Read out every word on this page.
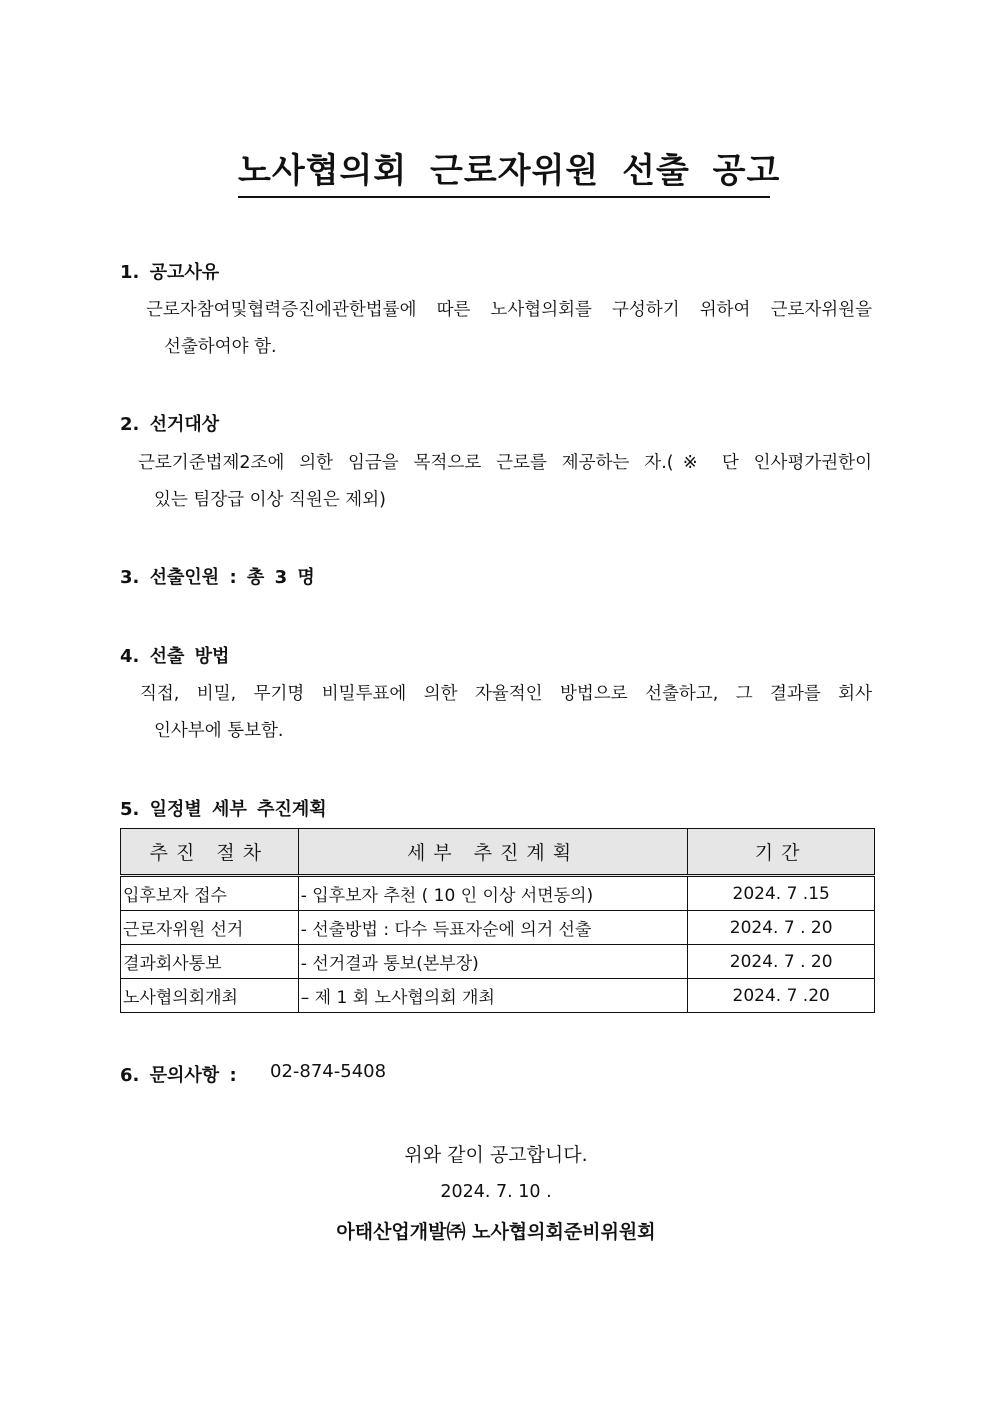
노사협의회 근로자위원 선출 공고
1. 공고사유
근로자참여및협력증진에관한법률에 따른 노사협의회를 구성하기 위하여 근로자위원을
선출하여야 함.
2. 선거대상
근로기준법제2조에 의한 임금을 목적으로 근로를 제공하는 자.(※ 단 인사평가권한이
있는 팀장급 이상 직원은 제외)
3. 선출인원 : 총 3 명
4. 선출 방법
직접, 비밀, 무기명 비밀투표에 의한 자율적인 방법으로 선출하고, 그 결과를 회사
인사부에 통보함.
5. 일정별 세부 추진계획
추진 절차	세부 추진계획	기간
입후보자 접수	- 입후보자 추천 ( 10 인 이상 서면동의)	2024. 7 .15
근로자위원 선거	- 선출방법 : 다수 득표자순에 의거 선출	2024. 7 . 20
결과회사통보	- 선거결과 통보(본부장)	2024. 7 . 20
노사협의회개최	– 제 1 회 노사협의회 개최	2024. 7 .20
6. 문의사항 : 02-874-5408
위와 같이 공고합니다.
2024. 7. 10 .
아태산업개발㈜ 노사협의회준비위원회
